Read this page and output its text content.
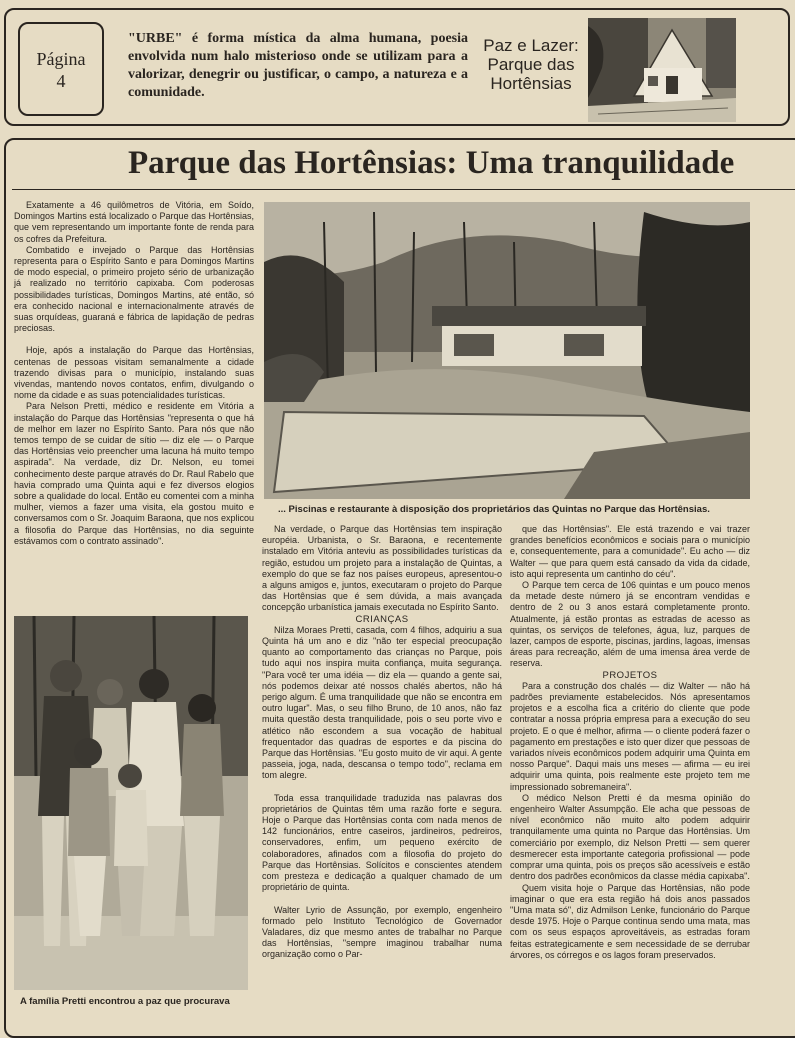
Página
4
"URBE" é forma mística da alma humana, poesia envolvida num halo misterioso onde se utilizam para a valorizar, denegrir ou justificar, o campo, a natureza e a comunidade.
Paz e Lazer:
Parque das
Hortênsias
Parque das Hortênsias: Uma tranquilidade

Exatamente a 46 quilômetros de Vitória, em Soído, Domingos Martins está localizado o Parque das Hortênsias, que vem representando um importante fonte de renda para os cofres da Prefeitura.

Combatido e invejado o Parque das Hortênsias representa para o Espírito Santo e para Domingos Martins de modo especial, o primeiro projeto sério de urbanização já realizado no território capixaba. Com poderosas possibilidades turísticas, Domingos Martins, até então, só era conhecido nacional e internacionalmente através de suas orquídeas, guaraná e fábrica de lapidação de pedras preciosas.

Hoje, após a instalação do Parque das Hortênsias, centenas de pessoas visitam semanalmente a cidade trazendo divisas para o município, instalando suas vivendas, mantendo novos contatos, enfim, divulgando o nome da cidade e as suas potencialidades turísticas.

Para Nelson Pretti, médico e residente em Vitória a instalação do Parque das Hortênsias "representa o que há de melhor em lazer no Espírito Santo. Para nós que não temos tempo de se cuidar de sítio — diz ele — o Parque das Hortênsias veio preencher uma lacuna há muito tempo aspirada". Na verdade, diz Dr. Nelson, eu tomei conhecimento deste parque através do Dr. Raul Rabelo que havia comprado uma Quinta aqui e fez diversos elogios sobre a qualidade do local. Então eu comentei com a minha mulher, viemos a fazer uma visita, ela gostou muito e conversamos com o Sr. Joaquim Baraona, que nos explicou a filosofia do Parque das Hortênsias, no dia seguinte estávamos com o contrato assinado".

... Piscinas e restaurante à disposição dos proprietários das Quintas no Parque das Hortênsias.

Na verdade, o Parque das Hortênsias tem inspiração européia. Urbanista, o Sr. Baraona, e recentemente instalado em Vitória anteviu as possibilidades turísticas da região, estudou um projeto para a instalação de Quintas, a exemplo do que se faz nos países europeus, apresentou-o a alguns amigos e, juntos, executaram o projeto do Parque das Hortênsias que é sem dúvida, a mais avançada concepção urbanística jamais executada no Espírito Santo.

CRIANÇAS

Nilza Moraes Pretti, casada, com 4 filhos, adquiriu a sua Quinta há um ano e diz "não ter especial preocupação quanto ao comportamento das crianças no Parque, pois tudo aqui nos inspira muita confiança, muita segurança. "Para você ter uma idéia — diz ela — quando a gente sai, nós podemos deixar até nossos chalés abertos, não há perigo algum. É uma tranquilidade que não se encontra em outro lugar". Mas, o seu filho Bruno, de 10 anos, não faz muita questão desta tranquilidade, pois o seu porte vivo e atlético não escondem a sua vocação de habitual frequentador das quadras de esportes e da piscina do Parque das Hortênsias. "Eu gosto muito de vir aqui. A gente passeia, joga, nada, descansa o tempo todo", reclama em tom alegre.

Toda essa tranquilidade traduzida nas palavras dos proprietários de Quintas têm uma razão forte e segura. Hoje o Parque das Hortênsias conta com nada menos de 142 funcionários, entre caseiros, jardineiros, pedreiros, conservadores, enfim, um pequeno exército de colaboradores, afinados com a filosofia do projeto do Parque das Hortênsias. Solícitos e conscientes atendem com presteza e dedicação a qualquer chamado de um proprietário de quinta.

Walter Lyrio de Assunção, por exemplo, engenheiro formado pelo Instituto Tecnológico de Governador Valadares, diz que mesmo antes de trabalhar no Parque das Hortênsias, "sempre imaginou trabalhar numa organização como o Par-

que das Hortênsias". Ele está trazendo e vai trazer grandes benefícios econômicos e sociais para o município e, consequentemente, para a comunidade". Eu acho — diz Walter — que para quem está cansado da vida da cidade, isto aqui representa um cantinho do céu".

O Parque tem cerca de 106 quintas e um pouco menos da metade deste número já se encontram vendidas e dentro de 2 ou 3 anos estará completamente pronto. Atualmente, já estão prontas as estradas de acesso as quintas, os serviços de telefones, água, luz, parques de lazer, campos de esporte, piscinas, jardins, lagoas, imensas áreas para recreação, além de uma imensa área verde de reserva.

PROJETOS

Para a construção dos chalés — diz Walter — não há padrões previamente estabelecidos. Nós apresentamos projetos e a escolha fica a critério do cliente que pode contratar a nossa própria empresa para a execução do seu projeto. E o que é melhor, afirma — o cliente poderá fazer o pagamento em prestações e isto quer dizer que pessoas de variados níveis econômicos podem adquirir uma Quinta em nosso Parque". Daqui mais uns meses — afirma — eu irei adquirir uma quinta, pois realmente este projeto tem me impressionado sobremaneira".

O médico Nelson Pretti é da mesma opinião do engenheiro Walter Assumpção. Ele acha que pessoas de nível econômico não muito alto podem adquirir tranquilamente uma quinta no Parque das Hortênsias. Um comerciário por exemplo, diz Nelson Pretti — sem querer desmerecer esta importante categoria profissional — pode comprar uma quinta, pois os preços são acessíveis e estão dentro dos padrões econômicos da classe média capixaba".

Quem visita hoje o Parque das Hortênsias, não pode imaginar o que era esta região há dois anos passados "Uma mata só", diz Admilson Lenke, funcionário do Parque desde 1975. Hoje o Parque continua sendo uma mata, mas com os seus espaços aproveitáveis, as estradas foram feitas estrategicamente e sem necessidade de se derrubar árvores, os córregos e os lagos foram preservados.

A família Pretti encontrou a paz que procurava
